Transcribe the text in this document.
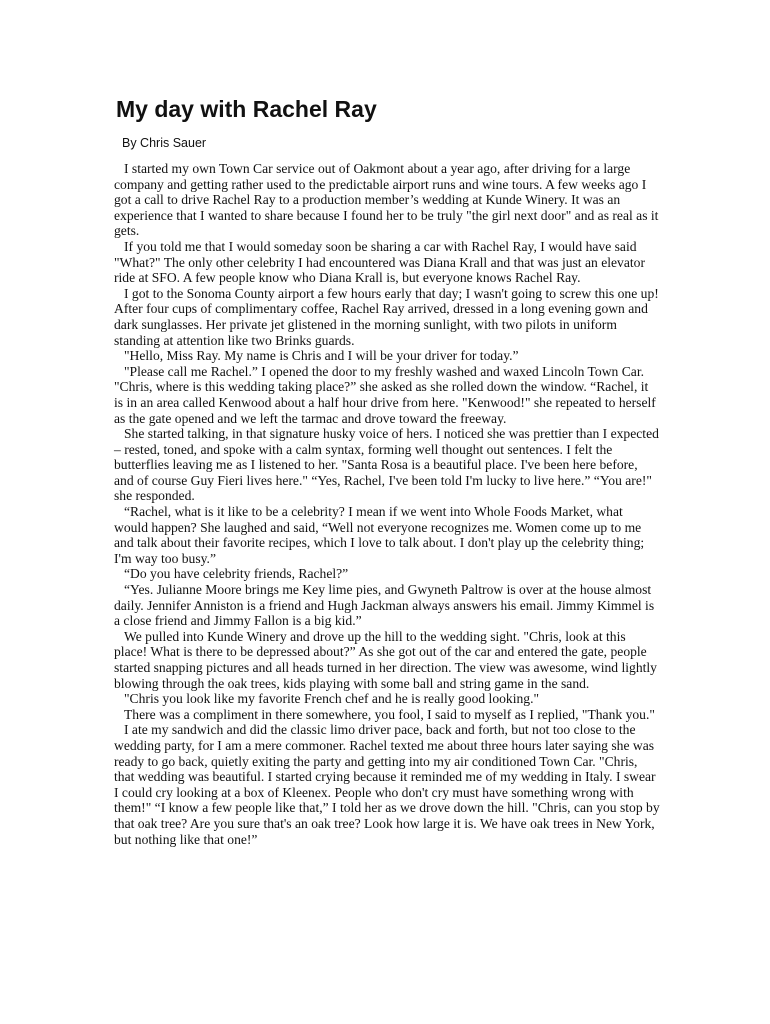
My day with Rachel Ray

By Chris Sauer

I started my own Town Car service out of Oakmont about a year ago, after driving for a large company and getting rather used to the predictable airport runs and wine tours. A few weeks ago I got a call to drive Rachel Ray to a production member’s wedding at Kunde Winery. It was an experience that I wanted to share because I found her to be truly "the girl next door" and as real as it gets.

If you told me that I would someday soon be sharing a car with Rachel Ray, I would have said "What?" The only other celebrity I had encountered was Diana Krall and that was just an elevator ride at SFO. A few people know who Diana Krall is, but everyone knows Rachel Ray.

I got to the Sonoma County airport a few hours early that day; I wasn't going to screw this one up! After four cups of complimentary coffee, Rachel Ray arrived, dressed in a long evening gown and dark sunglasses. Her private jet glistened in the morning sunlight, with two pilots in uniform standing at attention like two Brinks guards.

"Hello, Miss Ray. My name is Chris and I will be your driver for today.”

"Please call me Rachel.” I opened the door to my freshly washed and waxed Lincoln Town Car. "Chris, where is this wedding taking place?” she asked as she rolled down the window. “Rachel, it is in an area called Kenwood about a half hour drive from here. "Kenwood!" she repeated to herself as the gate opened and we left the tarmac and drove toward the freeway.

She started talking, in that signature husky voice of hers. I noticed she was prettier than I expected – rested, toned, and spoke with a calm syntax, forming well thought out sentences. I felt the butterflies leaving me as I listened to her. "Santa Rosa is a beautiful place. I've been here before, and of course Guy Fieri lives here." “Yes, Rachel, I've been told I'm lucky to live here.” “You are!" she responded.

“Rachel, what is it like to be a celebrity? I mean if we went into Whole Foods Market, what would happen? She laughed and said, “Well not everyone recognizes me. Women come up to me and talk about their favorite recipes, which I love to talk about. I don't play up the celebrity thing; I'm way too busy.”

“Do you have celebrity friends, Rachel?”

“Yes. Julianne Moore brings me Key lime pies, and Gwyneth Paltrow is over at the house almost daily. Jennifer Anniston is a friend and Hugh Jackman always answers his email. Jimmy Kimmel is a close friend and Jimmy Fallon is a big kid.”

We pulled into Kunde Winery and drove up the hill to the wedding sight. "Chris, look at this place! What is there to be depressed about?” As she got out of the car and entered the gate, people started snapping pictures and all heads turned in her direction. The view was awesome, wind lightly blowing through the oak trees, kids playing with some ball and string game in the sand.

"Chris you look like my favorite French chef and he is really good looking."

There was a compliment in there somewhere, you fool, I said to myself as I replied, "Thank you."

I ate my sandwich and did the classic limo driver pace, back and forth, but not too close to the wedding party, for I am a mere commoner. Rachel texted me about three hours later saying she was ready to go back, quietly exiting the party and getting into my air conditioned Town Car. "Chris, that wedding was beautiful. I started crying because it reminded me of my wedding in Italy. I swear I could cry looking at a box of Kleenex. People who don't cry must have something wrong with them!" “I know a few people like that,” I told her as we drove down the hill. "Chris, can you stop by that oak tree? Are you sure that's an oak tree? Look how large it is. We have oak trees in New York, but nothing like that one!”
